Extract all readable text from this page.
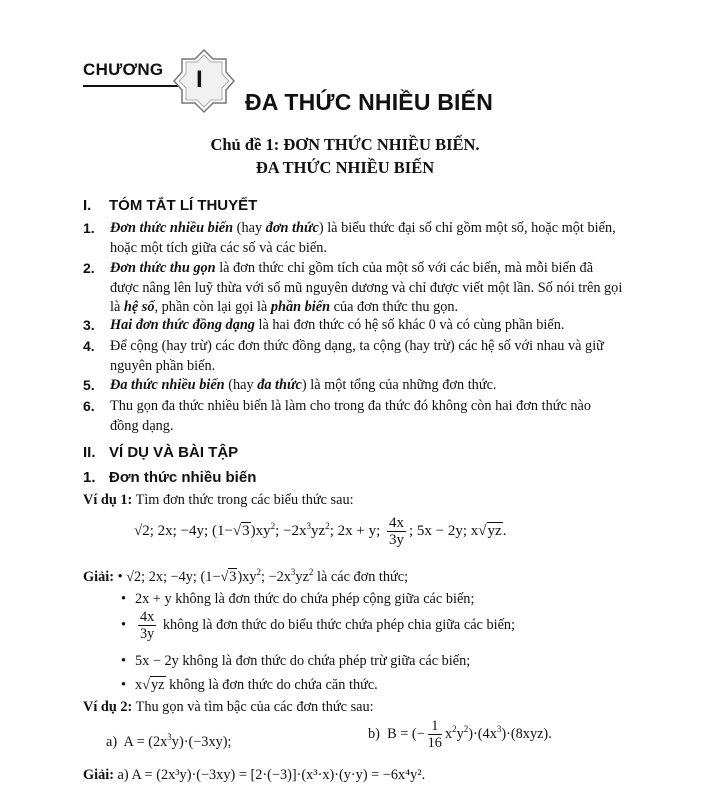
CHƯƠNG I
ĐA THỨC NHIỀU BIẾN
Chủ đề 1: ĐƠN THỨC NHIỀU BIẾN.
ĐA THỨC NHIỀU BIẾN
I. TÓM TẮT LÍ THUYẾT
1. Đơn thức nhiều biến (hay đơn thức) là biểu thức đại số chỉ gồm một số, hoặc một biến, hoặc một tích giữa các số và các biến.
2. Đơn thức thu gọn là đơn thức chỉ gồm tích của một số với các biến, mà mỗi biến đã được nâng lên luỹ thừa với số mũ nguyên dương và chỉ được viết một lần. Số nói trên gọi là hệ số, phần còn lại gọi là phần biến của đơn thức thu gọn.
3. Hai đơn thức đồng dạng là hai đơn thức có hệ số khác 0 và có cùng phần biến.
4. Để cộng (hay trừ) các đơn thức đồng dạng, ta cộng (hay trừ) các hệ số với nhau và giữ nguyên phần biến.
5. Đa thức nhiều biến (hay đa thức) là một tổng của những đơn thức.
6. Thu gọn đa thức nhiều biến là làm cho trong đa thức đó không còn hai đơn thức nào đồng dạng.
II. VÍ DỤ VÀ BÀI TẬP
1. Đơn thức nhiều biến
Ví dụ 1: Tìm đơn thức trong các biểu thức sau:
√2; 2x; −4y; $(1-√3)xy^2$; $-2x^3yz^2$; 2x + y; $\frac{4x}{3y}$ ; 5x − 2y; x√yz.
Giải: • √2; 2x; −4y; $(1-√3)xy^2$; $-2x^3yz^2$ là các đơn thức;
• 2x + y không là đơn thức do chứa phép cộng giữa các biến;
• $\frac{4x}{3y}$ không là đơn thức do biểu thức chứa phép chia giữa các biến;
• 5x − 2y không là đơn thức do chứa phép trừ giữa các biến;
• x√yz không là đơn thức do chứa căn thức.
Ví dụ 2: Thu gọn và tìm bậc của các đơn thức sau:
a) $A = (2x^3y)\cdot(-3xy)$;	b) B = (− $\frac{1}{16} x^2y^2)\cdot(4x^3)\cdot(8xyz)$.
Giải: a) A = (2x³y)·(−3xy) = [2·(−3)]·(x³·x)·(y·y) = −6x⁴y².
